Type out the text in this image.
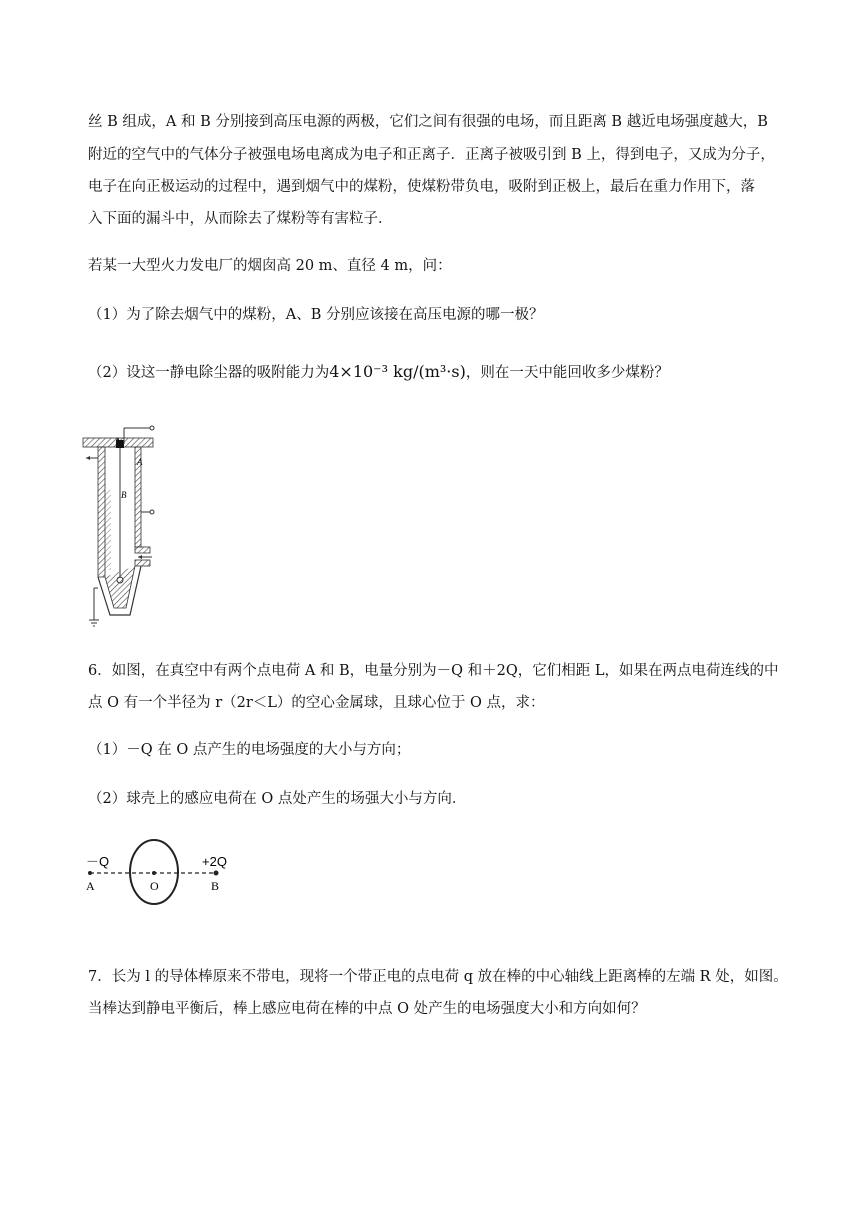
丝 B 组成，A 和 B 分别接到高压电源的两极，它们之间有很强的电场，而且距离 B 越近电场强度越大，B
附近的空气中的气体分子被强电场电离成为电子和正离子．正离子被吸引到 B 上，得到电子，又成为分子，
电子在向正极运动的过程中，遇到烟气中的煤粉，使煤粉带负电，吸附到正极上，最后在重力作用下，落
入下面的漏斗中，从而除去了煤粉等有害粒子．
若某一大型火力发电厂的烟囱高 20 m、直径 4 m，问：
（1）为了除去烟气中的煤粉，A、B 分别应该接在高压电源的哪一极？
（2）设这一静电除尘器的吸附能力为4×10⁻³ kg/(m³·s)，则在一天中能回收多少煤粉？
A
B
6．如图，在真空中有两个点电荷 A 和 B，电量分别为－Q 和＋2Q，它们相距 L，如果在两点电荷连线的中
点 O 有一个半径为 r（2r＜L）的空心金属球，且球心位于 O 点，求：
（1）－Q 在 O 点产生的电场强度的大小与方向；
（2）球壳上的感应电荷在 O 点处产生的场强大小与方向．
－Q	+2Q
A	O	B
7．长为 l 的导体棒原来不带电，现将一个带正电的点电荷 q 放在棒的中心轴线上距离棒的左端 R 处，如图。
当棒达到静电平衡后，棒上感应电荷在棒的中点 O 处产生的电场强度大小和方向如何？
